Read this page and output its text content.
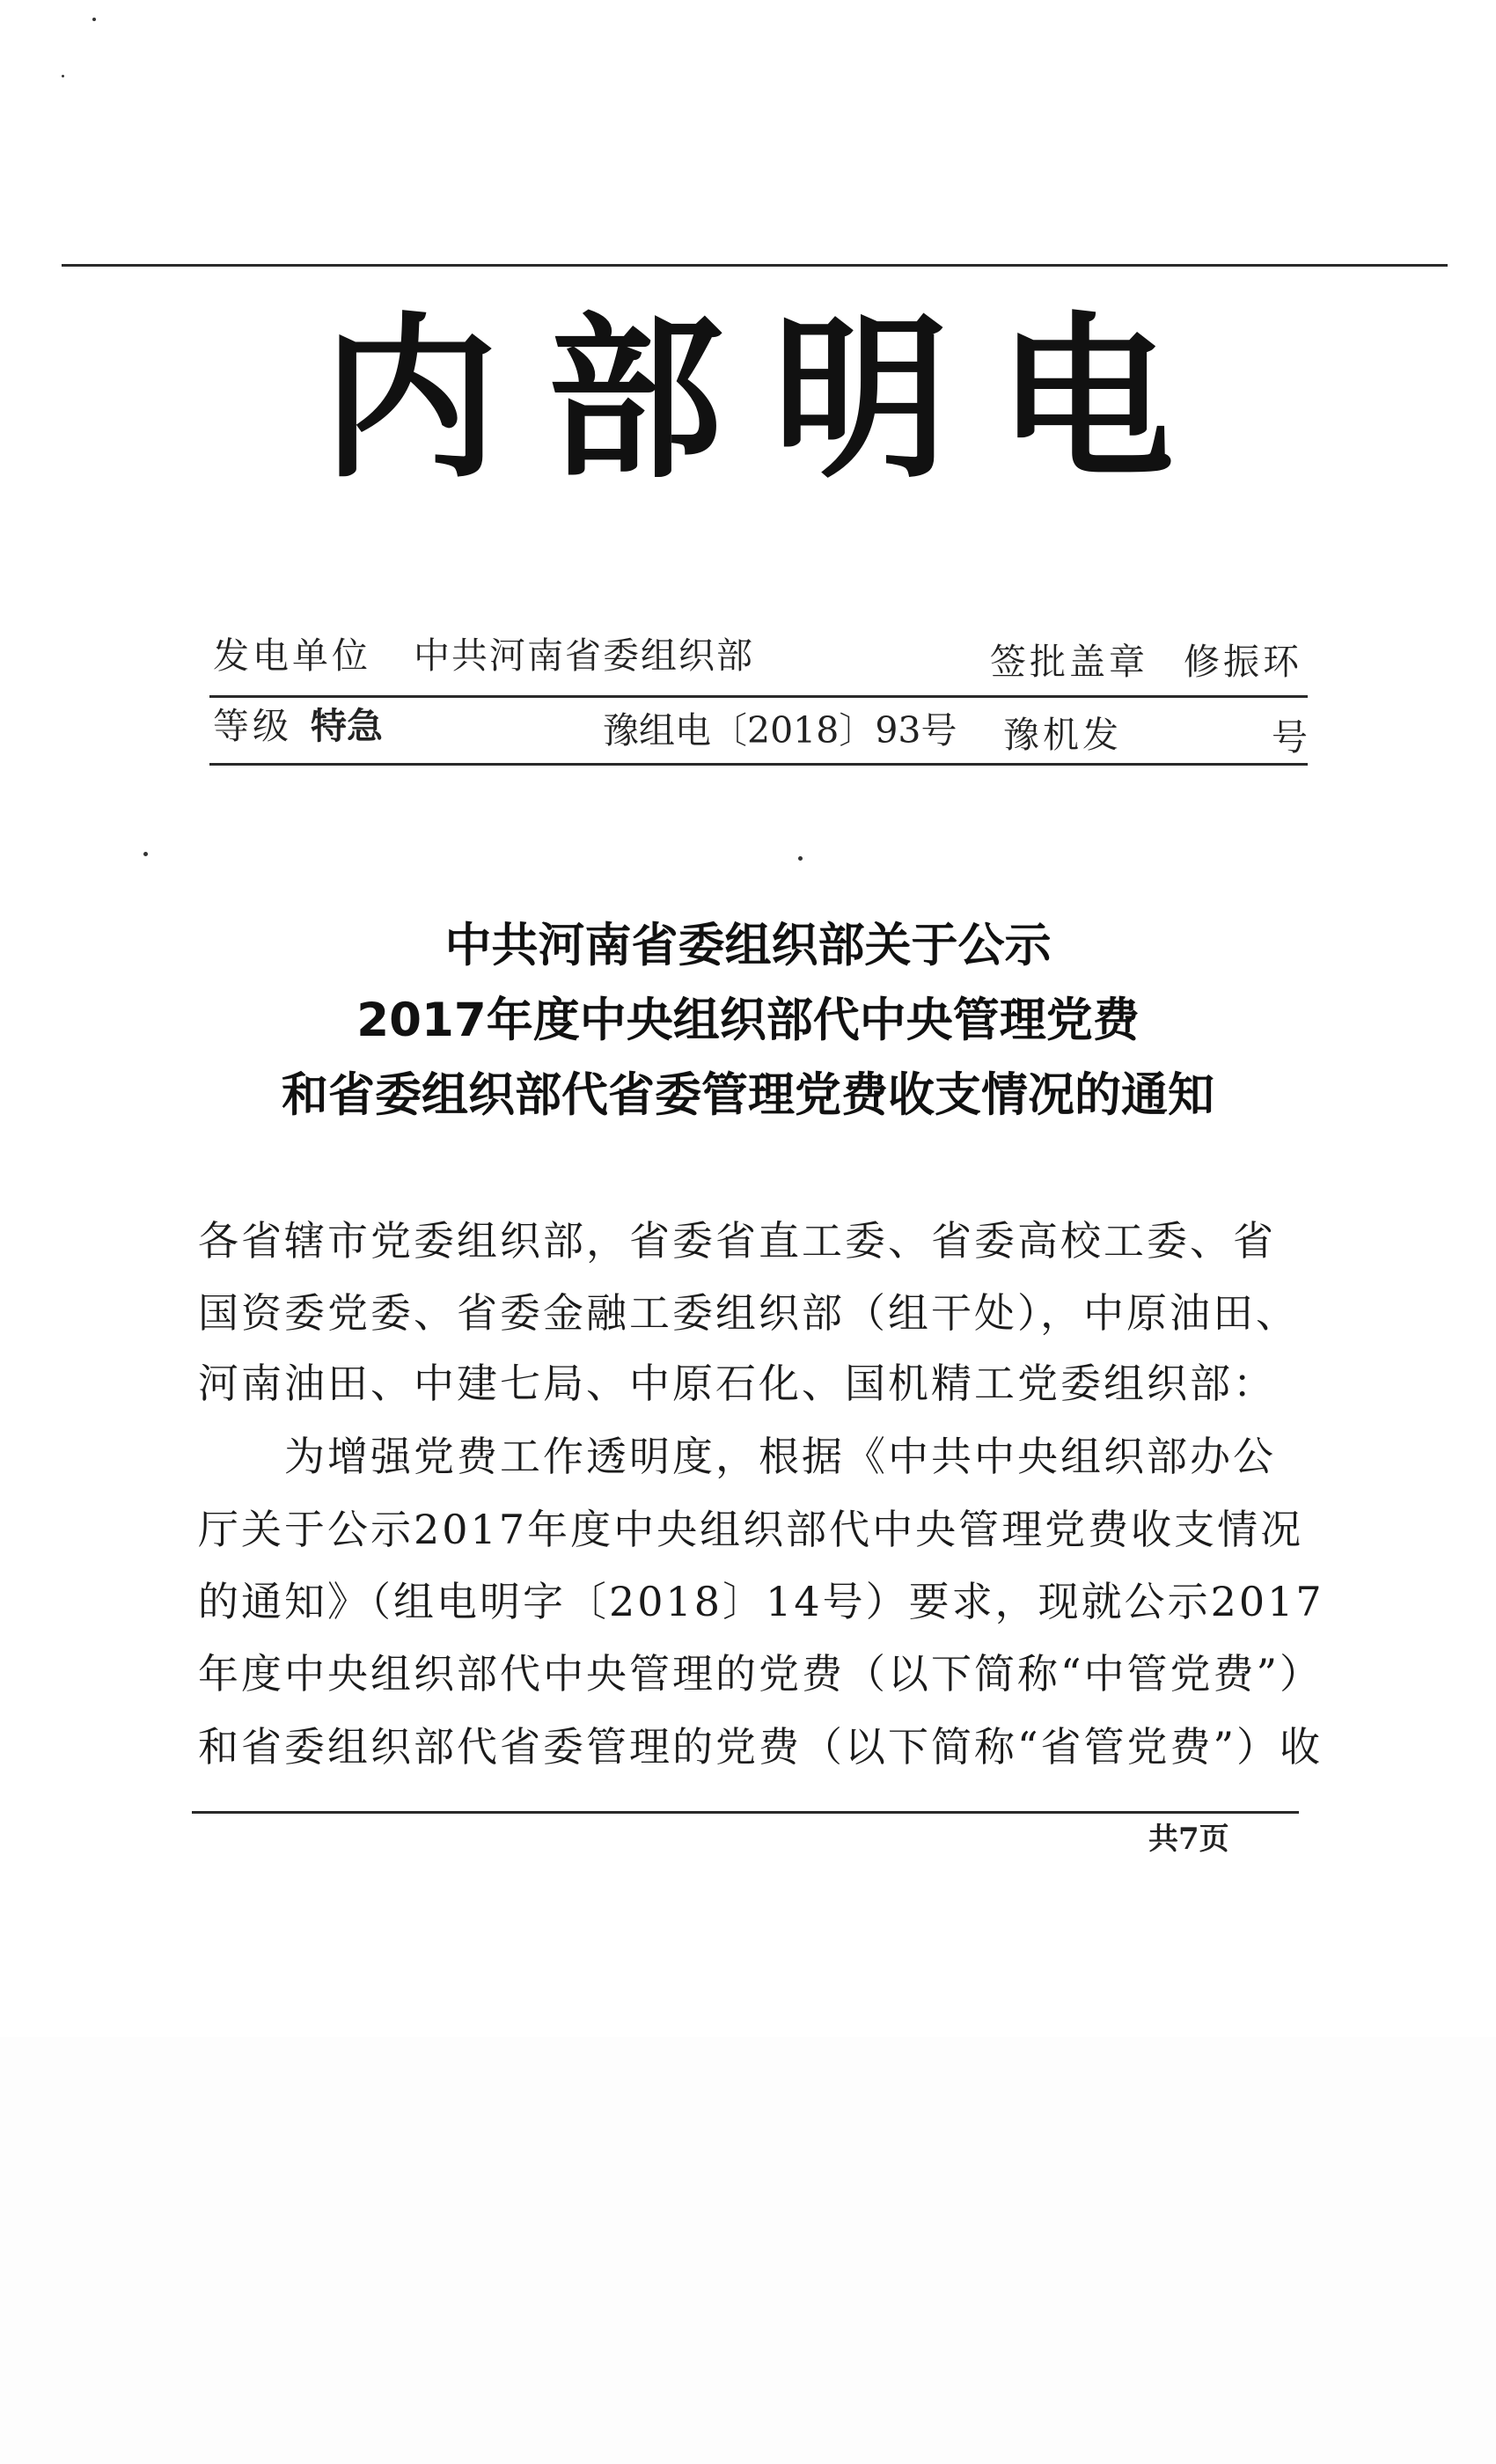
内部明电
发电单位 中共河南省委组织部	签批盖章 修振环
等级 特急	豫组电〔2018〕93号 豫机发	号
中共河南省委组织部关于公示
2017年度中央组织部代中央管理党费
和省委组织部代省委管理党费收支情况的通知
各省辖市党委组织部，省委省直工委、省委高校工委、省
国资委党委、省委金融工委组织部（组干处），中原油田、
河南油田、中建七局、中原石化、国机精工党委组织部：
　　为增强党费工作透明度，根据《中共中央组织部办公
厅关于公示2017年度中央组织部代中央管理党费收支情况
的通知》（组电明字〔2018〕14号）要求，现就公示2017
年度中央组织部代中央管理的党费（以下简称“中管党费”）
和省委组织部代省委管理的党费（以下简称“省管党费”）收
共7页
